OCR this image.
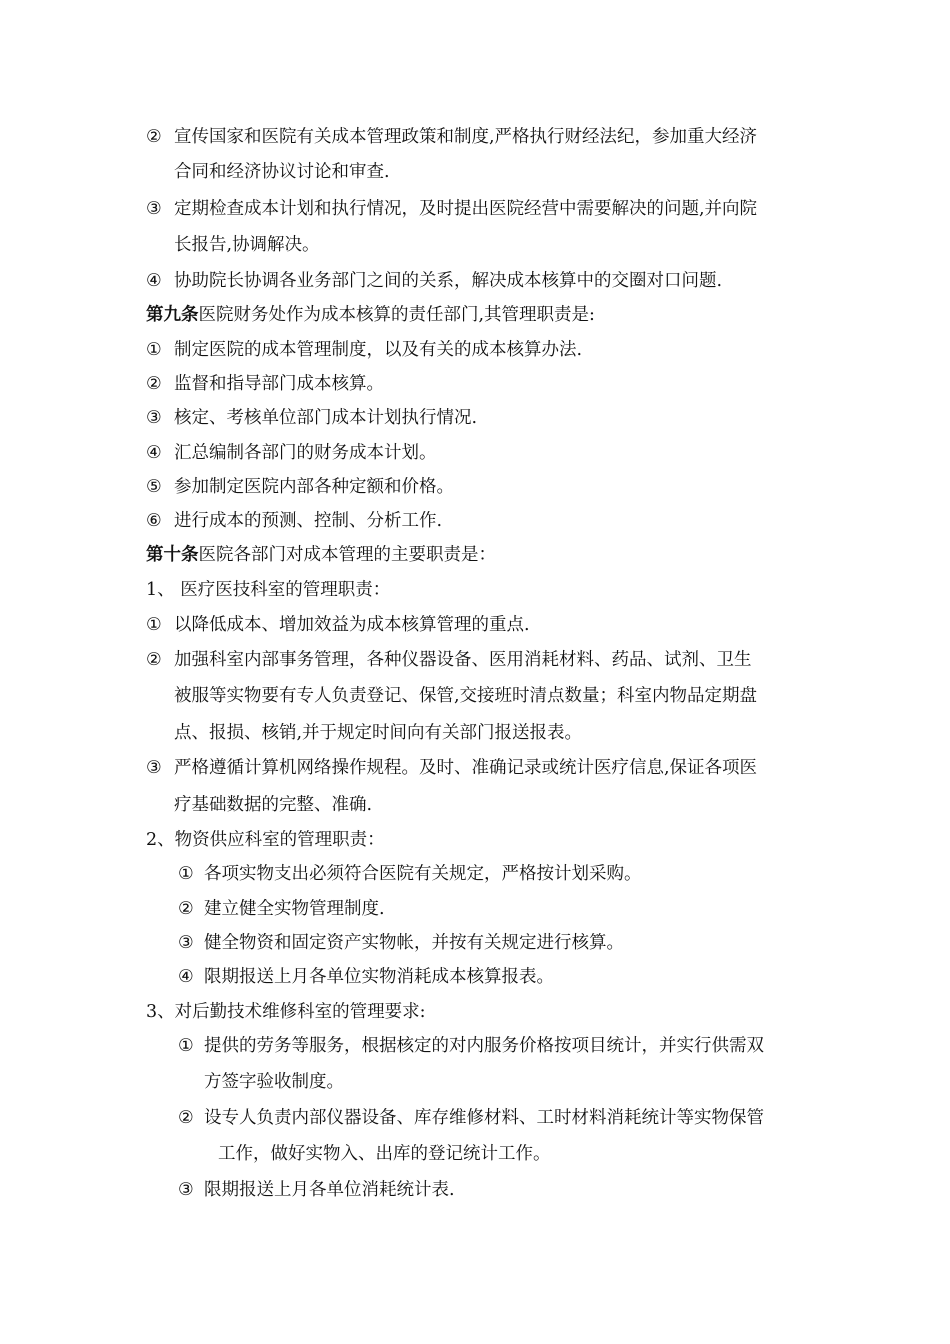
② 宣传国家和医院有关成本管理政策和制度,严格执行财经法纪，参加重大经济
合同和经济协议讨论和审查.
③ 定期检查成本计划和执行情况，及时提出医院经营中需要解决的问题,并向院
长报告,协调解决。
④ 协助院长协调各业务部门之间的关系，解决成本核算中的交圈对口问题.
第九条医院财务处作为成本核算的责任部门,其管理职责是:
① 制定医院的成本管理制度，以及有关的成本核算办法.
② 监督和指导部门成本核算。
③ 核定、考核单位部门成本计划执行情况.
④ 汇总编制各部门的财务成本计划。
⑤ 参加制定医院内部各种定额和价格。
⑥ 进行成本的预测、控制、分析工作.
第十条医院各部门对成本管理的主要职责是：
1、 医疗医技科室的管理职责：
① 以降低成本、增加效益为成本核算管理的重点.
② 加强科室内部事务管理，各种仪器设备、医用消耗材料、药品、试剂、卫生
被服等实物要有专人负责登记、保管,交接班时清点数量；科室内物品定期盘
点、报损、核销,并于规定时间向有关部门报送报表。
③ 严格遵循计算机网络操作规程。及时、准确记录或统计医疗信息,保证各项医
疗基础数据的完整、准确.
2、物资供应科室的管理职责：
① 各项实物支出必须符合医院有关规定，严格按计划采购。
② 建立健全实物管理制度.
③ 健全物资和固定资产实物帐，并按有关规定进行核算。
④ 限期报送上月各单位实物消耗成本核算报表。
3、对后勤技术维修科室的管理要求:
① 提供的劳务等服务，根据核定的对内服务价格按项目统计，并实行供需双
方签字验收制度。
② 设专人负责内部仪器设备、库存维修材料、工时材料消耗统计等实物保管
工作，做好实物入、出库的登记统计工作。
③ 限期报送上月各单位消耗统计表.
